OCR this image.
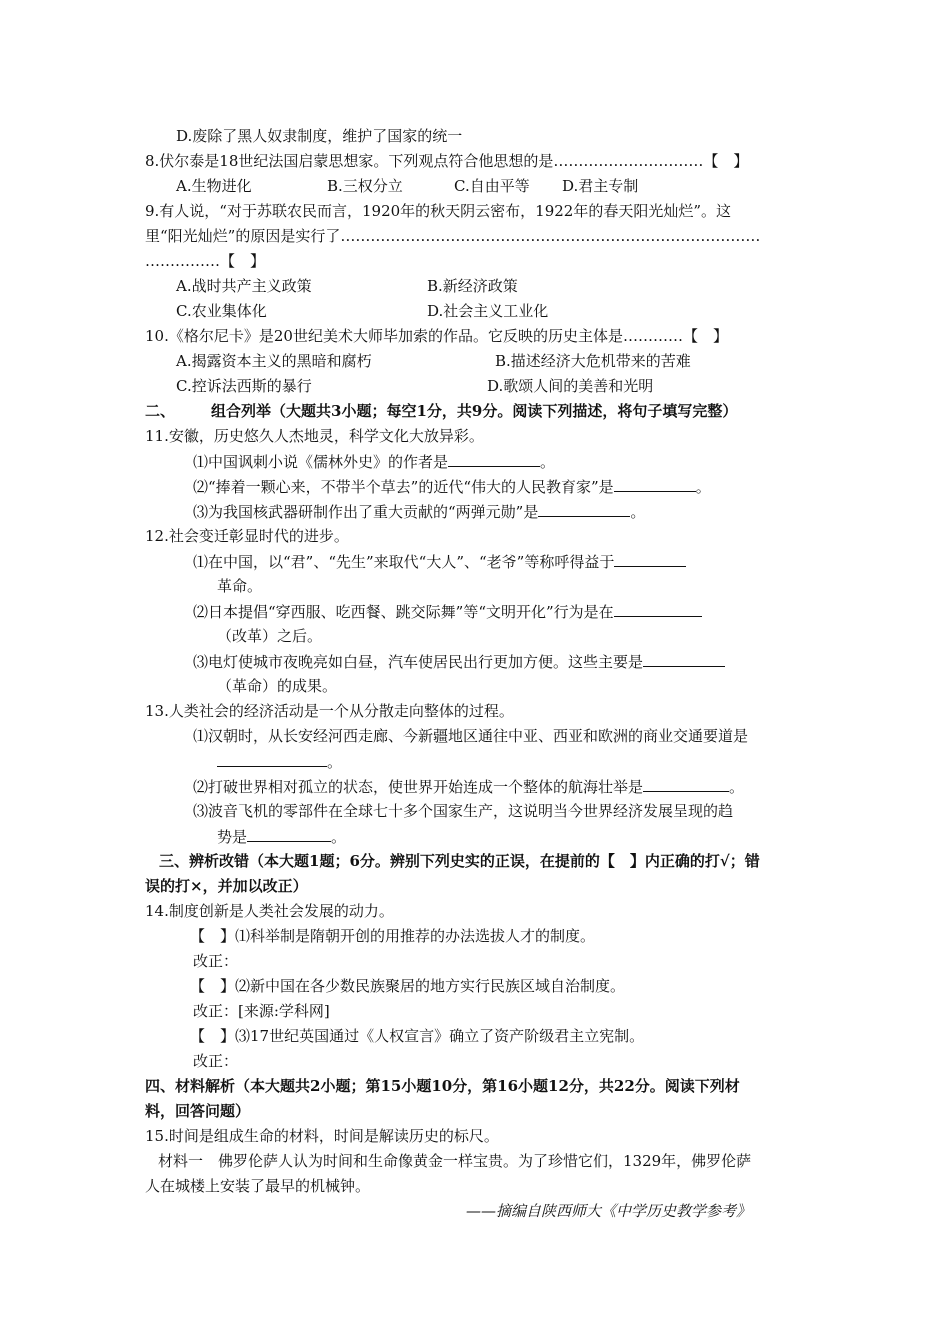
D.废除了黑人奴隶制度，维护了国家的统一
8.伏尔泰是18世纪法国启蒙思想家。下列观点符合他思想的是…………………………【　】
A.生物进化	B.三权分立	C.自由平等 D.君主专制
9.有人说，“对于苏联农民而言，1920年的秋天阴云密布，1922年的春天阳光灿烂”。这
里“阳光灿烂”的原因是实行了…………………………………………………………………………
……………【　】
A.战时共产主义政策	B.新经济政策
C.农业集体化	D.社会主义工业化
10.《格尔尼卡》是20世纪美术大师毕加索的作品。它反映的历史主体是…………【　】
A.揭露资本主义的黑暗和腐朽	B.描述经济大危机带来的苦难
C.控诉法西斯的暴行	D.歌颂人间的美善和光明
二、 组合列举（大题共3小题；每空1分，共9分。阅读下列描述，将句子填写完整）
11.安徽，历史悠久人杰地灵，科学文化大放异彩。
⑴中国讽刺小说《儒林外史》的作者是	。
⑵“捧着一颗心来，不带半个草去”的近代“伟大的人民教育家”是	。
⑶为我国核武器研制作出了重大贡献的“两弹元勋”是	。
12.社会变迁彰显时代的进步。
⑴在中国，以“君”、“先生”来取代“大人”、“老爷”等称呼得益于
革命。
⑵日本提倡“穿西服、吃西餐、跳交际舞”等“文明开化”行为是在
（改革）之后。
⑶电灯使城市夜晚亮如白昼，汽车使居民出行更加方便。这些主要是
（革命）的成果。
13.人类社会的经济活动是一个从分散走向整体的过程。
⑴汉朝时，从长安经河西走廊、今新疆地区通往中亚、西亚和欧洲的商业交通要道是
。
⑵打破世界相对孤立的状态，使世界开始连成一个整体的航海壮举是	。
⑶波音飞机的零部件在全球七十多个国家生产，这说明当今世界经济发展呈现的趋
势是	。
三、辨析改错（本大题1题；6分。辨别下列史实的正误，在提前的【　】内正确的打√；错
误的打×，并加以改正）
14.制度创新是人类社会发展的动力。
【　】⑴科举制是隋朝开创的用推荐的办法选拔人才的制度。
改正：
【　】⑵新中国在各少数民族聚居的地方实行民族区域自治制度。
改正：[来源:学科网]
【　】⑶17世纪英国通过《人权宣言》确立了资产阶级君主立宪制。
改正：
四、材料解析（本大题共2小题；第15小题10分，第16小题12分，共22分。阅读下列材
料，回答问题）
15.时间是组成生命的材料，时间是解读历史的标尺。
材料一　佛罗伦萨人认为时间和生命像黄金一样宝贵。为了珍惜它们，1329年，佛罗伦萨
人在城楼上安装了最早的机械钟。
——摘编自陕西师大《中学历史教学参考》
